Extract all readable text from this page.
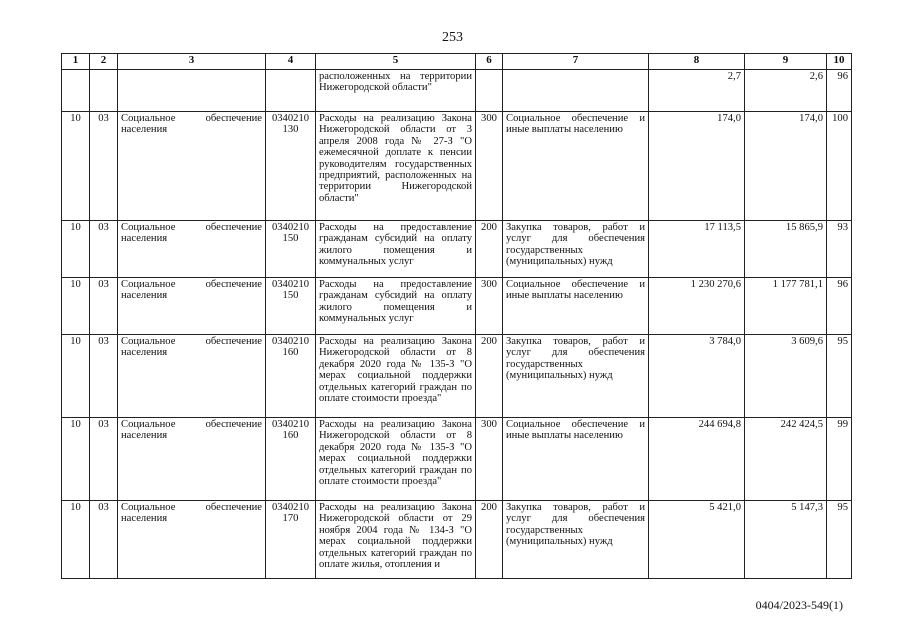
253
1	2	3	4	5	6	7	8	9	10
				расположенных на территории Нижегородской области"			2,7	2,6	96
10	03	Социальное обеспечение населения	0340210 130	Расходы на реализацию Закона Нижегородской области от 3 апреля 2008 года № 27-З "О ежемесячной доплате к пенсии руководителям государственных предприятий, расположенных на территории Нижегородской области"	300	Социальное обеспечение и иные выплаты населению	174,0	174,0	100
10	03	Социальное обеспечение населения	0340210 150	Расходы на предоставление гражданам субсидий на оплату жилого помещения и коммунальных услуг	200	Закупка товаров, работ и услуг для обеспечения государственных (муниципальных) нужд	17 113,5	15 865,9	93
10	03	Социальное обеспечение населения	0340210 150	Расходы на предоставление гражданам субсидий на оплату жилого помещения и коммунальных услуг	300	Социальное обеспечение и иные выплаты населению	1 230 270,6	1 177 781,1	96
10	03	Социальное обеспечение населения	0340210 160	Расходы на реализацию Закона Нижегородской области от 8 декабря 2020 года № 135-З "О мерах социальной поддержки отдельных категорий граждан по оплате стоимости проезда"	200	Закупка товаров, работ и услуг для обеспечения государственных (муниципальных) нужд	3 784,0	3 609,6	95
10	03	Социальное обеспечение населения	0340210 160	Расходы на реализацию Закона Нижегородской области от 8 декабря 2020 года № 135-З "О мерах социальной поддержки отдельных категорий граждан по оплате стоимости проезда"	300	Социальное обеспечение и иные выплаты населению	244 694,8	242 424,5	99
10	03	Социальное обеспечение населения	0340210 170	Расходы на реализацию Закона Нижегородской области от 29 ноября 2004 года № 134-З "О мерах социальной поддержки отдельных категорий граждан по оплате жилья, отопления и	200	Закупка товаров, работ и услуг для обеспечения государственных (муниципальных) нужд	5 421,0	5 147,3	95
0404/2023-549(1)
